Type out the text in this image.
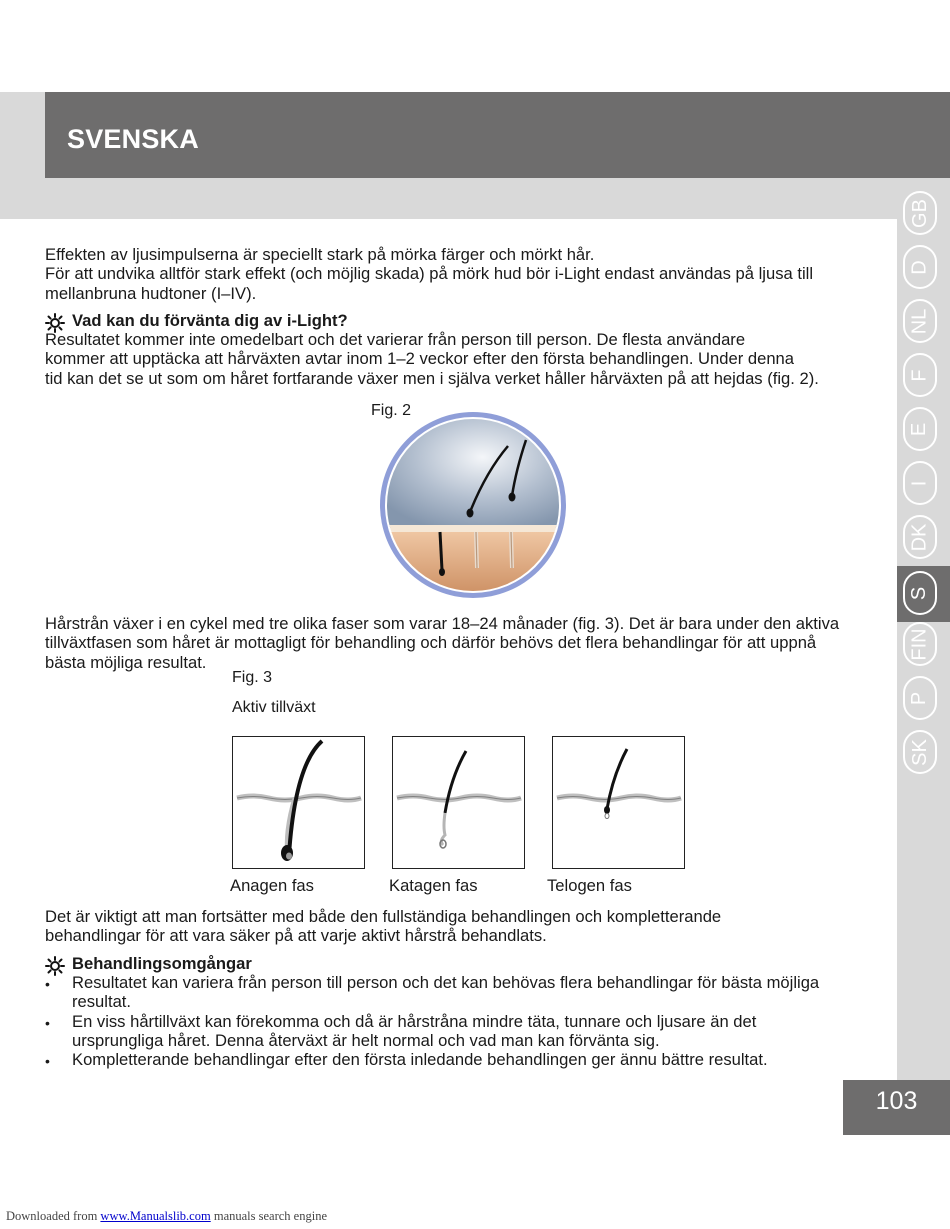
SVENSKA
GB
D
NL
F
E
I
DK
S
FIN
P
SK
Effekten av ljusimpulserna är speciellt stark på mörka färger och mörkt hår.
För att undvika alltför stark effekt (och möjlig skada) på mörk hud bör i-Light endast användas på ljusa till
mellanbruna hudtoner (I–IV).
Vad kan du förvänta dig av i-Light?
Resultatet kommer inte omedelbart och det varierar från person till person. De flesta användare
kommer att upptäcka att hårväxten avtar inom 1–2 veckor efter den första behandlingen. Under denna
tid kan det se ut som om håret fortfarande växer men i själva verket håller hårväxten på att hejdas (fig. 2).
Fig. 2
Hårstrån växer i en cykel med tre olika faser som varar 18–24 månader (fig. 3). Det är bara under den aktiva
tillväxtfasen som håret är mottagligt för behandling och därför behövs det flera behandlingar för att uppnå
bästa möjliga resultat.
Fig. 3
Aktiv tillväxt
Anagen fas	Katagen fas	Telogen fas
Det är viktigt att man fortsätter med både den fullständiga behandlingen och kompletterande
behandlingar för att vara säker på att varje aktivt hårstrå behandlats.
Behandlingsomgångar
• Resultatet kan variera från person till person och det kan behövas flera behandlingar för bästa möjliga
resultat.
• En viss hårtillväxt kan förekomma och då är hårstråna mindre täta, tunnare och ljusare än det
ursprungliga håret. Denna återväxt är helt normal och vad man kan förvänta sig.
• Kompletterande behandlingar efter den första inledande behandlingen ger ännu bättre resultat.
103
Downloaded from www.Manualslib.com manuals search engine
